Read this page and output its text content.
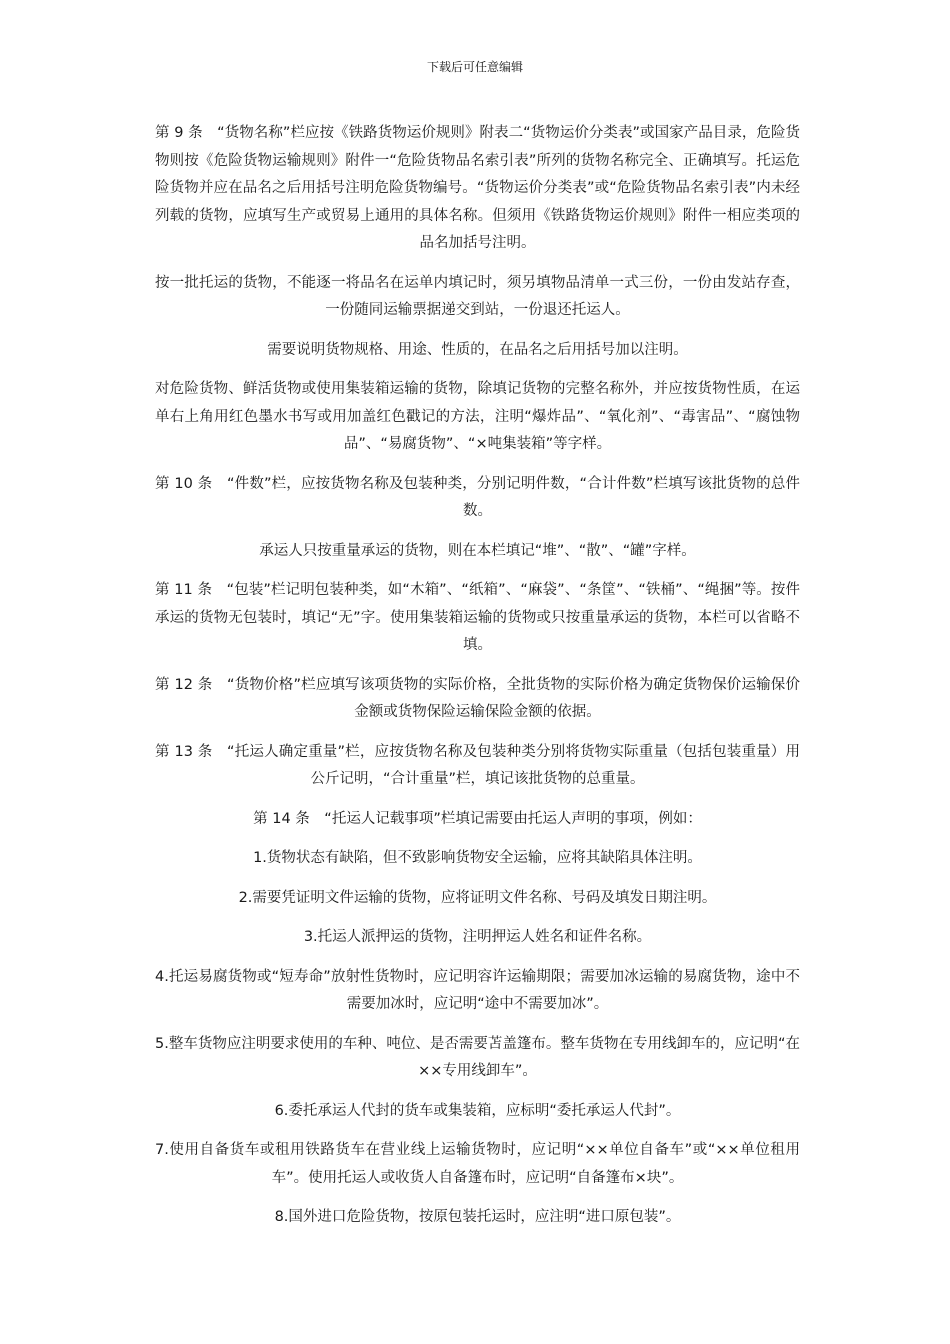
下载后可任意编辑

第 9 条　“货物名称”栏应按《铁路货物运价规则》附表二“货物运价分类表”或国家产品目录，危险货物则按《危险货物运输规则》附件一“危险货物品名索引表”所列的货物名称完全、正确填写。托运危险货物并应在品名之后用括号注明危险货物编号。“货物运价分类表”或“危险货物品名索引表”内未经列载的货物，应填写生产或贸易上通用的具体名称。但须用《铁路货物运价规则》附件一相应类项的品名加括号注明。

按一批托运的货物，不能逐一将品名在运单内填记时，须另填物品清单一式三份，一份由发站存查，一份随同运输票据递交到站，一份退还托运人。

需要说明货物规格、用途、性质的，在品名之后用括号加以注明。

对危险货物、鲜活货物或使用集装箱运输的货物，除填记货物的完整名称外，并应按货物性质，在运单右上角用红色墨水书写或用加盖红色戳记的方法，注明“爆炸品”、“氧化剂”、“毒害品”、“腐蚀物品”、“易腐货物”、“×吨集装箱”等字样。

第 10 条　“件数”栏，应按货物名称及包装种类，分别记明件数，“合计件数”栏填写该批货物的总件数。

承运人只按重量承运的货物，则在本栏填记“堆”、“散”、“罐”字样。

第 11 条　“包装”栏记明包装种类，如“木箱”、“纸箱”、“麻袋”、“条筐”、“铁桶”、“绳捆”等。按件承运的货物无包装时，填记“无”字。使用集装箱运输的货物或只按重量承运的货物，本栏可以省略不填。

第 12 条　“货物价格”栏应填写该项货物的实际价格，全批货物的实际价格为确定货物保价运输保价金额或货物保险运输保险金额的依据。

第 13 条　“托运人确定重量”栏，应按货物名称及包装种类分别将货物实际重量（包括包装重量）用公斤记明，“合计重量”栏，填记该批货物的总重量。

第 14 条　“托运人记载事项”栏填记需要由托运人声明的事项，例如：

1.货物状态有缺陷，但不致影响货物安全运输，应将其缺陷具体注明。

2.需要凭证明文件运输的货物，应将证明文件名称、号码及填发日期注明。

3.托运人派押运的货物，注明押运人姓名和证件名称。

4.托运易腐货物或“短寿命”放射性货物时，应记明容许运输期限；需要加冰运输的易腐货物，途中不需要加冰时，应记明“途中不需要加冰”。

5.整车货物应注明要求使用的车种、吨位、是否需要苫盖篷布。整车货物在专用线卸车的，应记明“在××专用线卸车”。

6.委托承运人代封的货车或集装箱，应标明“委托承运人代封”。

7.使用自备货车或租用铁路货车在营业线上运输货物时，应记明“××单位自备车”或“××单位租用车”。使用托运人或收货人自备篷布时，应记明“自备篷布×块”。

8.国外进口危险货物，按原包装托运时，应注明“进口原包装”。
